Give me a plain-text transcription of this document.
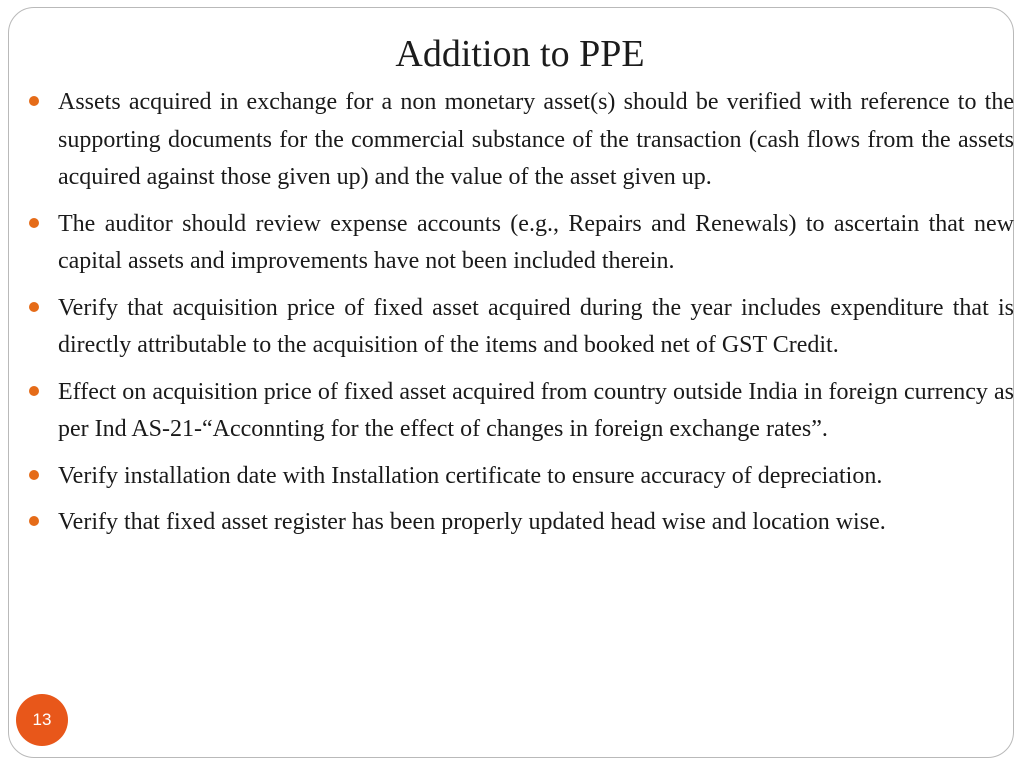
Addition to PPE
Assets acquired in exchange for a non monetary asset(s) should be verified with reference to the supporting documents for the commercial substance of the transaction (cash flows from the assets acquired against those given up) and the value of the asset given up.
The auditor should review expense accounts (e.g., Repairs and Renewals) to ascertain that new capital assets and improvements have not been included therein.
Verify that acquisition price of fixed asset acquired during the year includes expenditure that is directly attributable to the acquisition of the items and booked net of GST Credit.
Effect on acquisition price of fixed asset acquired from country outside India in foreign currency as per Ind AS-21-“Acconnting for the effect of changes in foreign exchange rates”.
Verify installation date with Installation certificate to ensure accuracy of depreciation.
Verify that fixed asset register has been properly updated head wise and location wise.
13
